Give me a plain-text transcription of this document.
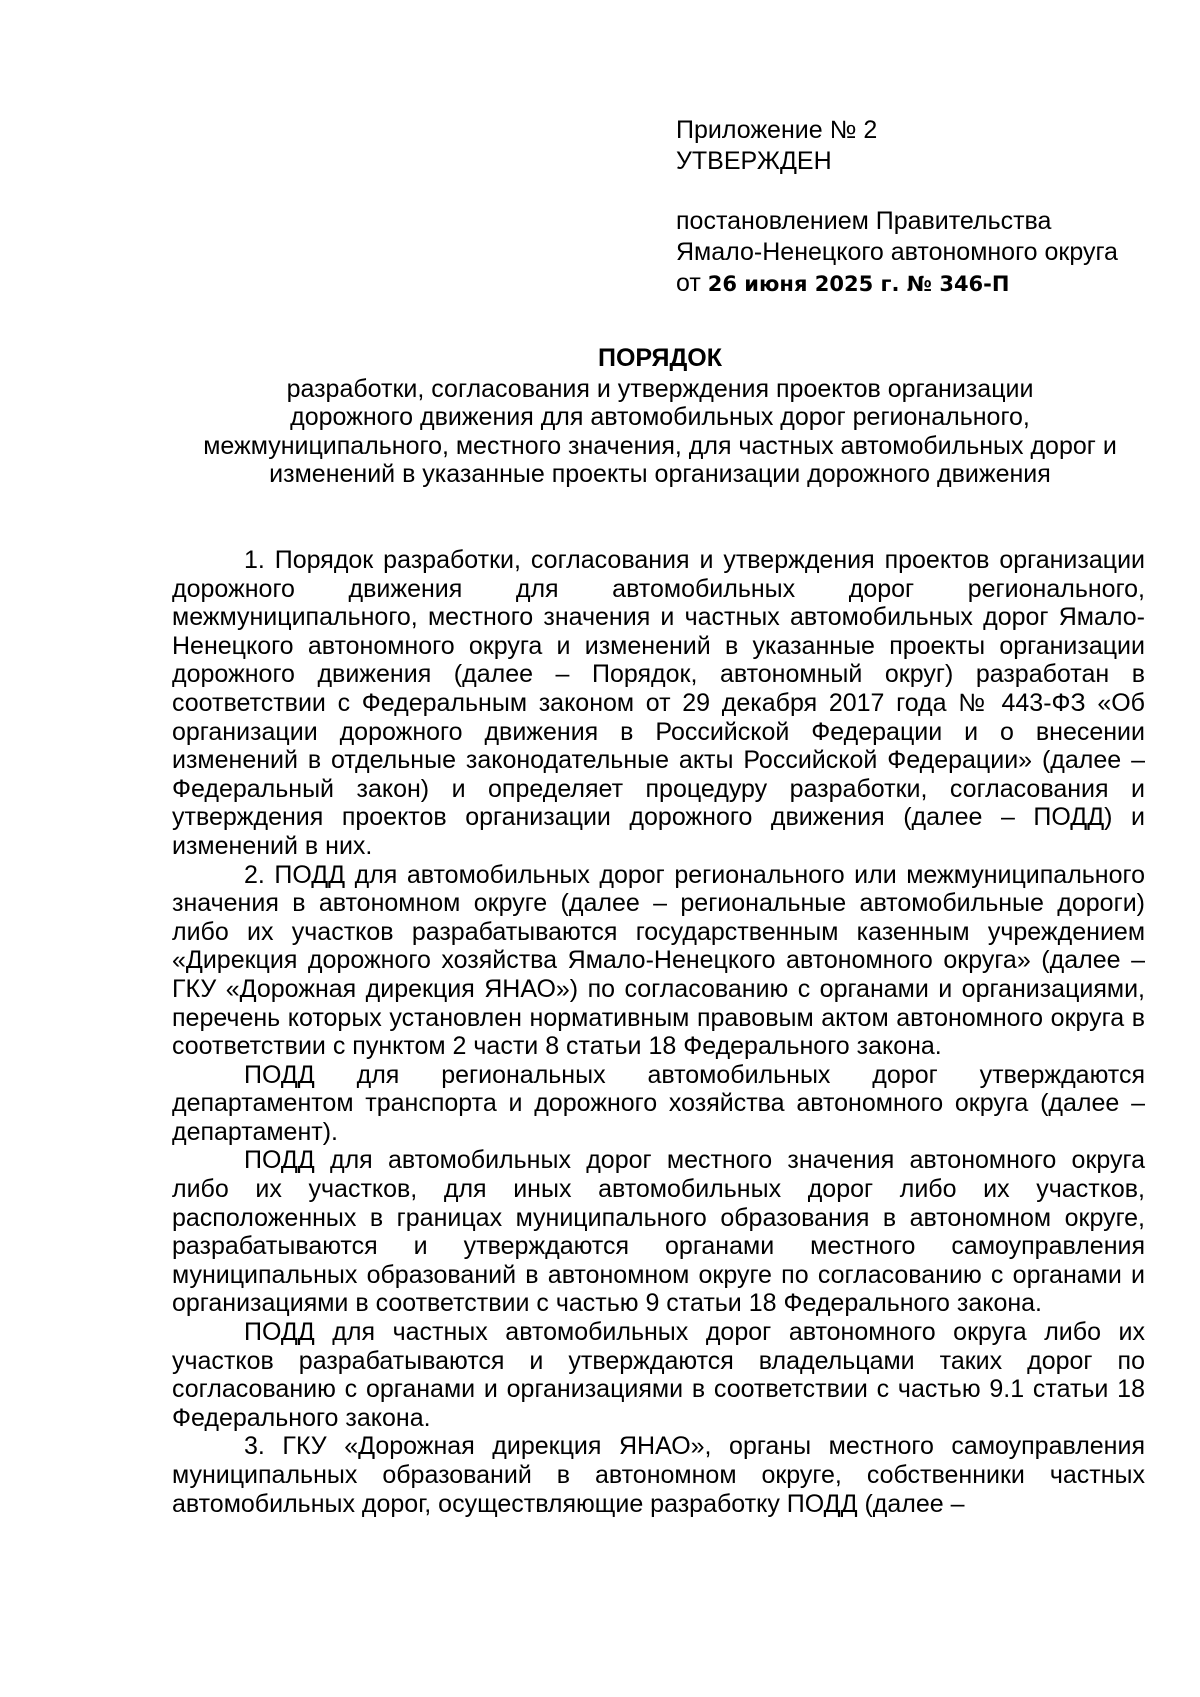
Приложение № 2
УТВЕРЖДЕН
постановлением Правительства
Ямало-Ненецкого автономного округа
от 26 июня 2025 г. № 346-П
ПОРЯДОК
разработки, согласования и утверждения проектов организации
дорожного движения для автомобильных дорог регионального,
межмуниципального, местного значения, для частных автомобильных дорог и
изменений в указанные проекты организации дорожного движения

1. Порядок разработки, согласования и утверждения проектов организации дорожного движения для автомобильных дорог регионального, межмуниципального, местного значения и частных автомобильных дорог Ямало-Ненецкого автономного округа и изменений в указанные проекты организации дорожного движения (далее – Порядок, автономный округ) разработан в соответствии с Федеральным законом от 29 декабря 2017 года № 443-ФЗ «Об организации дорожного движения в Российской Федерации и о внесении изменений в отдельные законодательные акты Российской Федерации» (далее – Федеральный закон) и определяет процедуру разработки, согласования и утверждения проектов организации дорожного движения (далее – ПОДД) и изменений в них.

2. ПОДД для автомобильных дорог регионального или межмуниципального значения в автономном округе (далее – региональные автомобильные дороги) либо их участков разрабатываются государственным казенным учреждением «Дирекция дорожного хозяйства Ямало-Ненецкого автономного округа» (далее – ГКУ «Дорожная дирекция ЯНАО») по согласованию с органами и организациями, перечень которых установлен нормативным правовым актом автономного округа в соответствии с пунктом 2 части 8 статьи 18 Федерального закона.

ПОДД для региональных автомобильных дорог утверждаются департаментом транспорта и дорожного хозяйства автономного округа (далее – департамент).

ПОДД для автомобильных дорог местного значения автономного округа либо их участков, для иных автомобильных дорог либо их участков, расположенных в границах муниципального образования в автономном округе, разрабатываются и утверждаются органами местного самоуправления муниципальных образований в автономном округе по согласованию с органами и организациями в соответствии с частью 9 статьи 18 Федерального закона.

ПОДД для частных автомобильных дорог автономного округа либо их участков разрабатываются и утверждаются владельцами таких дорог по согласованию с органами и организациями в соответствии с частью 9.1 статьи 18 Федерального закона.

3. ГКУ «Дорожная дирекция ЯНАО», органы местного самоуправления муниципальных образований в автономном округе, собственники частных автомобильных дорог, осуществляющие разработку ПОДД (далее –
